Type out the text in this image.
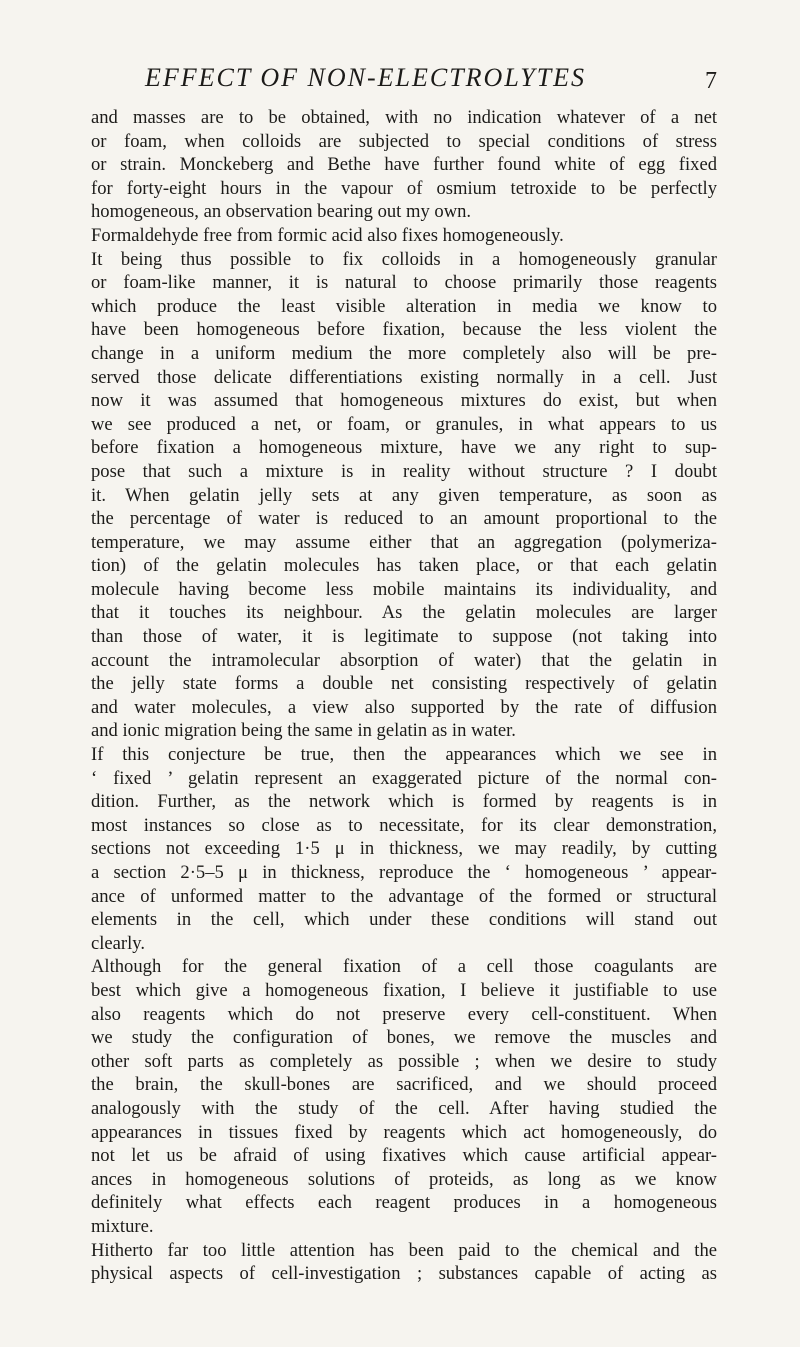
EFFECT OF NON-ELECTROLYTES	7
and masses are to be obtained, with no indication whatever of a net
or foam, when colloids are subjected to special conditions of stress
or strain. Monckeberg and Bethe have further found white of egg fixed
for forty-eight hours in the vapour of osmium tetroxide to be perfectly
homogeneous, an observation bearing out my own.
Formaldehyde free from formic acid also fixes homogeneously.
It being thus possible to fix colloids in a homogeneously granular
or foam-like manner, it is natural to choose primarily those reagents
which produce the least visible alteration in media we know to
have been homogeneous before fixation, because the less violent the
change in a uniform medium the more completely also will be pre-
served those delicate differentiations existing normally in a cell. Just
now it was assumed that homogeneous mixtures do exist, but when
we see produced a net, or foam, or granules, in what appears to us
before fixation a homogeneous mixture, have we any right to sup-
pose that such a mixture is in reality without structure ? I doubt
it. When gelatin jelly sets at any given temperature, as soon as
the percentage of water is reduced to an amount proportional to the
temperature, we may assume either that an aggregation (polymeriza-
tion) of the gelatin molecules has taken place, or that each gelatin
molecule having become less mobile maintains its individuality, and
that it touches its neighbour. As the gelatin molecules are larger
than those of water, it is legitimate to suppose (not taking into
account the intramolecular absorption of water) that the gelatin in
the jelly state forms a double net consisting respectively of gelatin
and water molecules, a view also supported by the rate of diffusion
and ionic migration being the same in gelatin as in water.
If this conjecture be true, then the appearances which we see in
‘ fixed ’ gelatin represent an exaggerated picture of the normal con-
dition. Further, as the network which is formed by reagents is in
most instances so close as to necessitate, for its clear demonstration,
sections not exceeding 1·5 μ in thickness, we may readily, by cutting
a section 2·5–5 μ in thickness, reproduce the ‘ homogeneous ’ appear-
ance of unformed matter to the advantage of the formed or structural
elements in the cell, which under these conditions will stand out
clearly.
Although for the general fixation of a cell those coagulants are
best which give a homogeneous fixation, I believe it justifiable to use
also reagents which do not preserve every cell-constituent. When
we study the configuration of bones, we remove the muscles and
other soft parts as completely as possible ; when we desire to study
the brain, the skull-bones are sacrificed, and we should proceed
analogously with the study of the cell. After having studied the
appearances in tissues fixed by reagents which act homogeneously, do
not let us be afraid of using fixatives which cause artificial appear-
ances in homogeneous solutions of proteids, as long as we know
definitely what effects each reagent produces in a homogeneous
mixture.
Hitherto far too little attention has been paid to the chemical and the
physical aspects of cell-investigation ; substances capable of acting as
